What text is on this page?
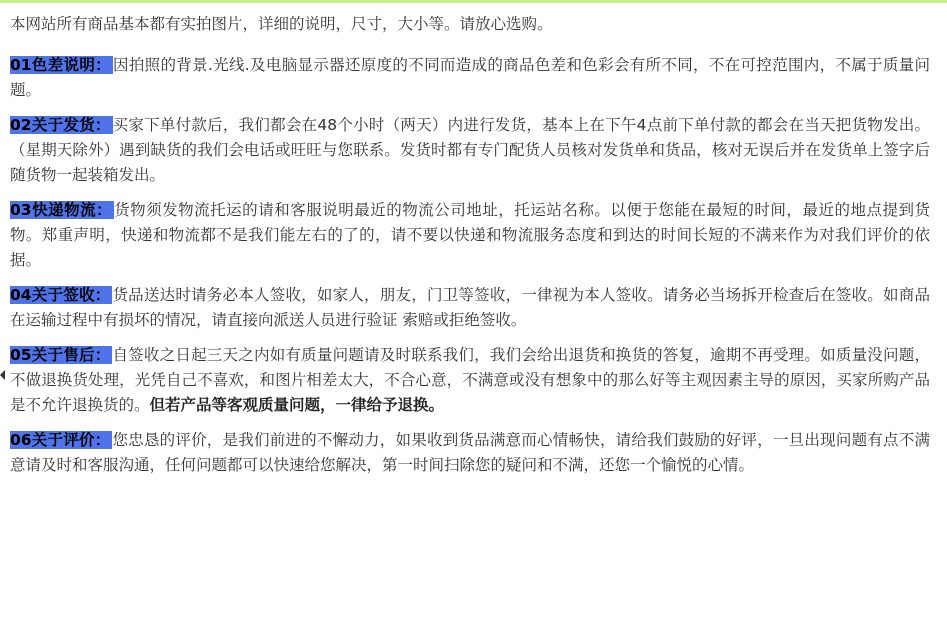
本网站所有商品基本都有实拍图片，详细的说明，尺寸，大小等。请放心选购。
01色差说明： 因拍照的背景.光线.及电脑显示器还原度的不同而造成的商品色差和色彩会有所不同，不在可控范围内，不属于质量问题。
02关于发货： 买家下单付款后，我们都会在48个小时（两天）内进行发货，基本上在下午4点前下单付款的都会在当天把货物发出。（星期天除外）遇到缺货的我们会电话或旺旺与您联系。发货时都有专门配货人员核对发货单和货品，核对无误后并在发货单上签字后随货物一起装箱发出。
03快递物流： 货物须发物流托运的请和客服说明最近的物流公司地址，托运站名称。以便于您能在最短的时间，最近的地点提到货物。郑重声明，快递和物流都不是我们能左右的了的，请不要以快递和物流服务态度和到达的时间长短的不满来作为对我们评价的依据。
04关于签收： 货品送达时请务必本人签收，如家人，朋友，门卫等签收，一律视为本人签收。请务必当场拆开检查后在签收。如商品在运输过程中有损坏的情况，请直接向派送人员进行验证 索赔或拒绝签收。
05关于售后： 自签收之日起三天之内如有质量问题请及时联系我们，我们会给出退货和换货的答复，逾期不再受理。如质量没问题，不做退换货处理，光凭自己不喜欢，和图片相差太大，不合心意，不满意或没有想象中的那么好等主观因素主导的原因，买家所购产品是不允许退换货的。但若产品等客观质量问题，一律给予退换。
06关于评价： 您忠恳的评价，是我们前进的不懈动力，如果收到货品满意而心情畅快，请给我们鼓励的好评，一旦出现问题有点不满意请及时和客服沟通，任何问题都可以快速给您解决，第一时间扫除您的疑问和不满，还您一个愉悦的心情。
